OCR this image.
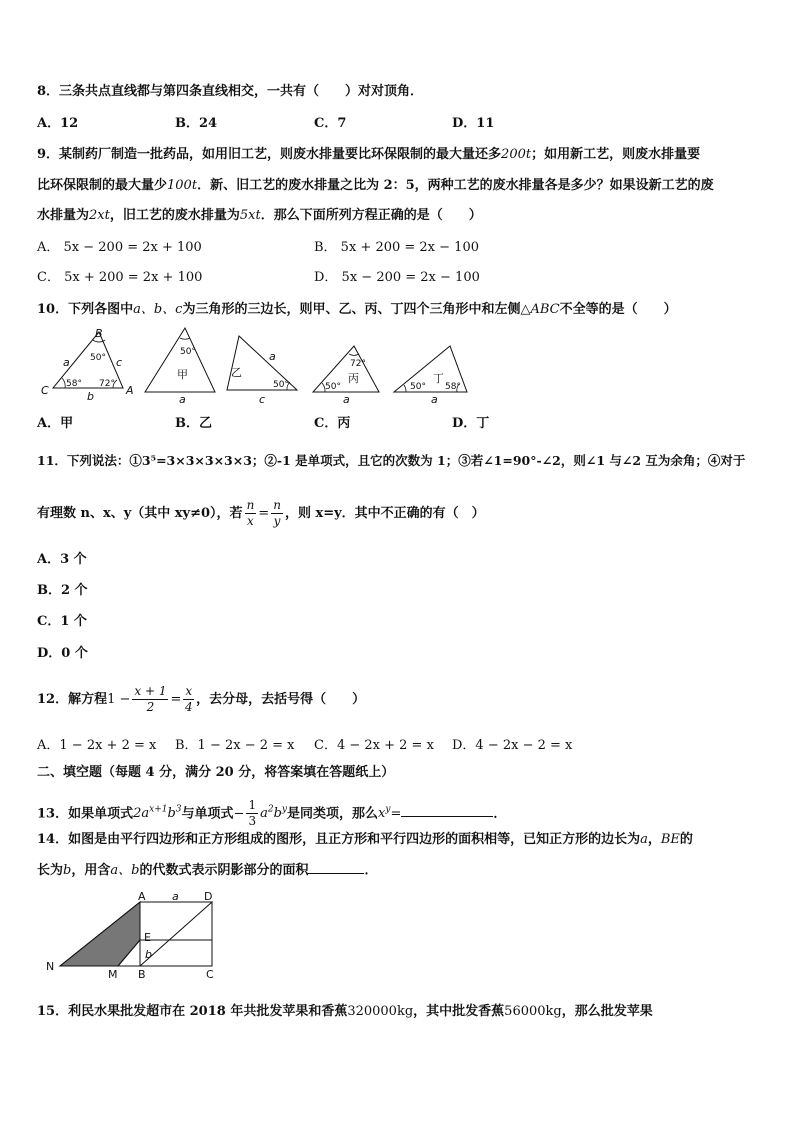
8．三条共点直线都与第四条直线相交，一共有（　　）对对顶角．
A．12	B．24	C．7	D．11
9．某制药厂制造一批药品，如用旧工艺，则废水排量要比环保限制的最大量还多200t；如用新工艺，则废水排量要
比环保限制的最大量少100t．新、旧工艺的废水排量之比为 2：5，两种工艺的废水排量各是多少？如果设新工艺的废
水排量为2xt，旧工艺的废水排量为5xt．那么下面所列方程正确的是（　　）
A． 5x − 200 = 2x + 100	B． 5x + 200 = 2x − 100
C． 5x + 200 = 2x + 100	D． 5x − 200 = 2x − 100
10．下列各图中a、b、c为三角形的三边长，则甲、乙、丙、丁四个三角形中和左侧△ABC不全等的是（　　）
B
A
C
a	c
b
50°
58° 72°
50°
甲
a
乙
50°
a
c
72°
丙
50°
a
50°
丁
58°
a
A．甲	B．乙	C．丙	D．丁
11．下列说法：①3⁵=3×3×3×3×3；②-1 是单项式，且它的次数为 1；③若∠1=90°-∠2，则∠1 与∠2 互为余角；④对于
有理数 n、x、y（其中 xy≠0），若 $\frac{n}{x} = \frac{n}{y}$ ，则 x=y．其中不正确的有（　）
A．3 个
B．2 个
C．1 个
D．0 个
12．解方程$1 - \frac{x + 1}{2} = \frac{x}{4}$ ，去分母，去括号得（　　）
A．1 − 2x + 2 = x B．1 − 2x − 2 = x C．4 − 2x + 2 = x D．4 − 2x − 2 = x
二、填空题（每题 4 分，满分 20 分，将答案填在答题纸上）
13．如果单项式$2a^{x+1}b^3$与单项式− $\frac{1}{3} a^2b^y$是同类项，那么$x^y=$	．
14．如图是由平行四边形和正方形组成的图形，且正方形和平行四边形的面积相等，已知正方形的边长为a，BE的
长为b，用含a、b的代数式表示阴影部分的面积	．
A	D
a
E
b
N
M B	C
15．利民水果批发超市在 2018 年共批发苹果和香蕉320000kg，其中批发香蕉56000kg，那么批发苹果
